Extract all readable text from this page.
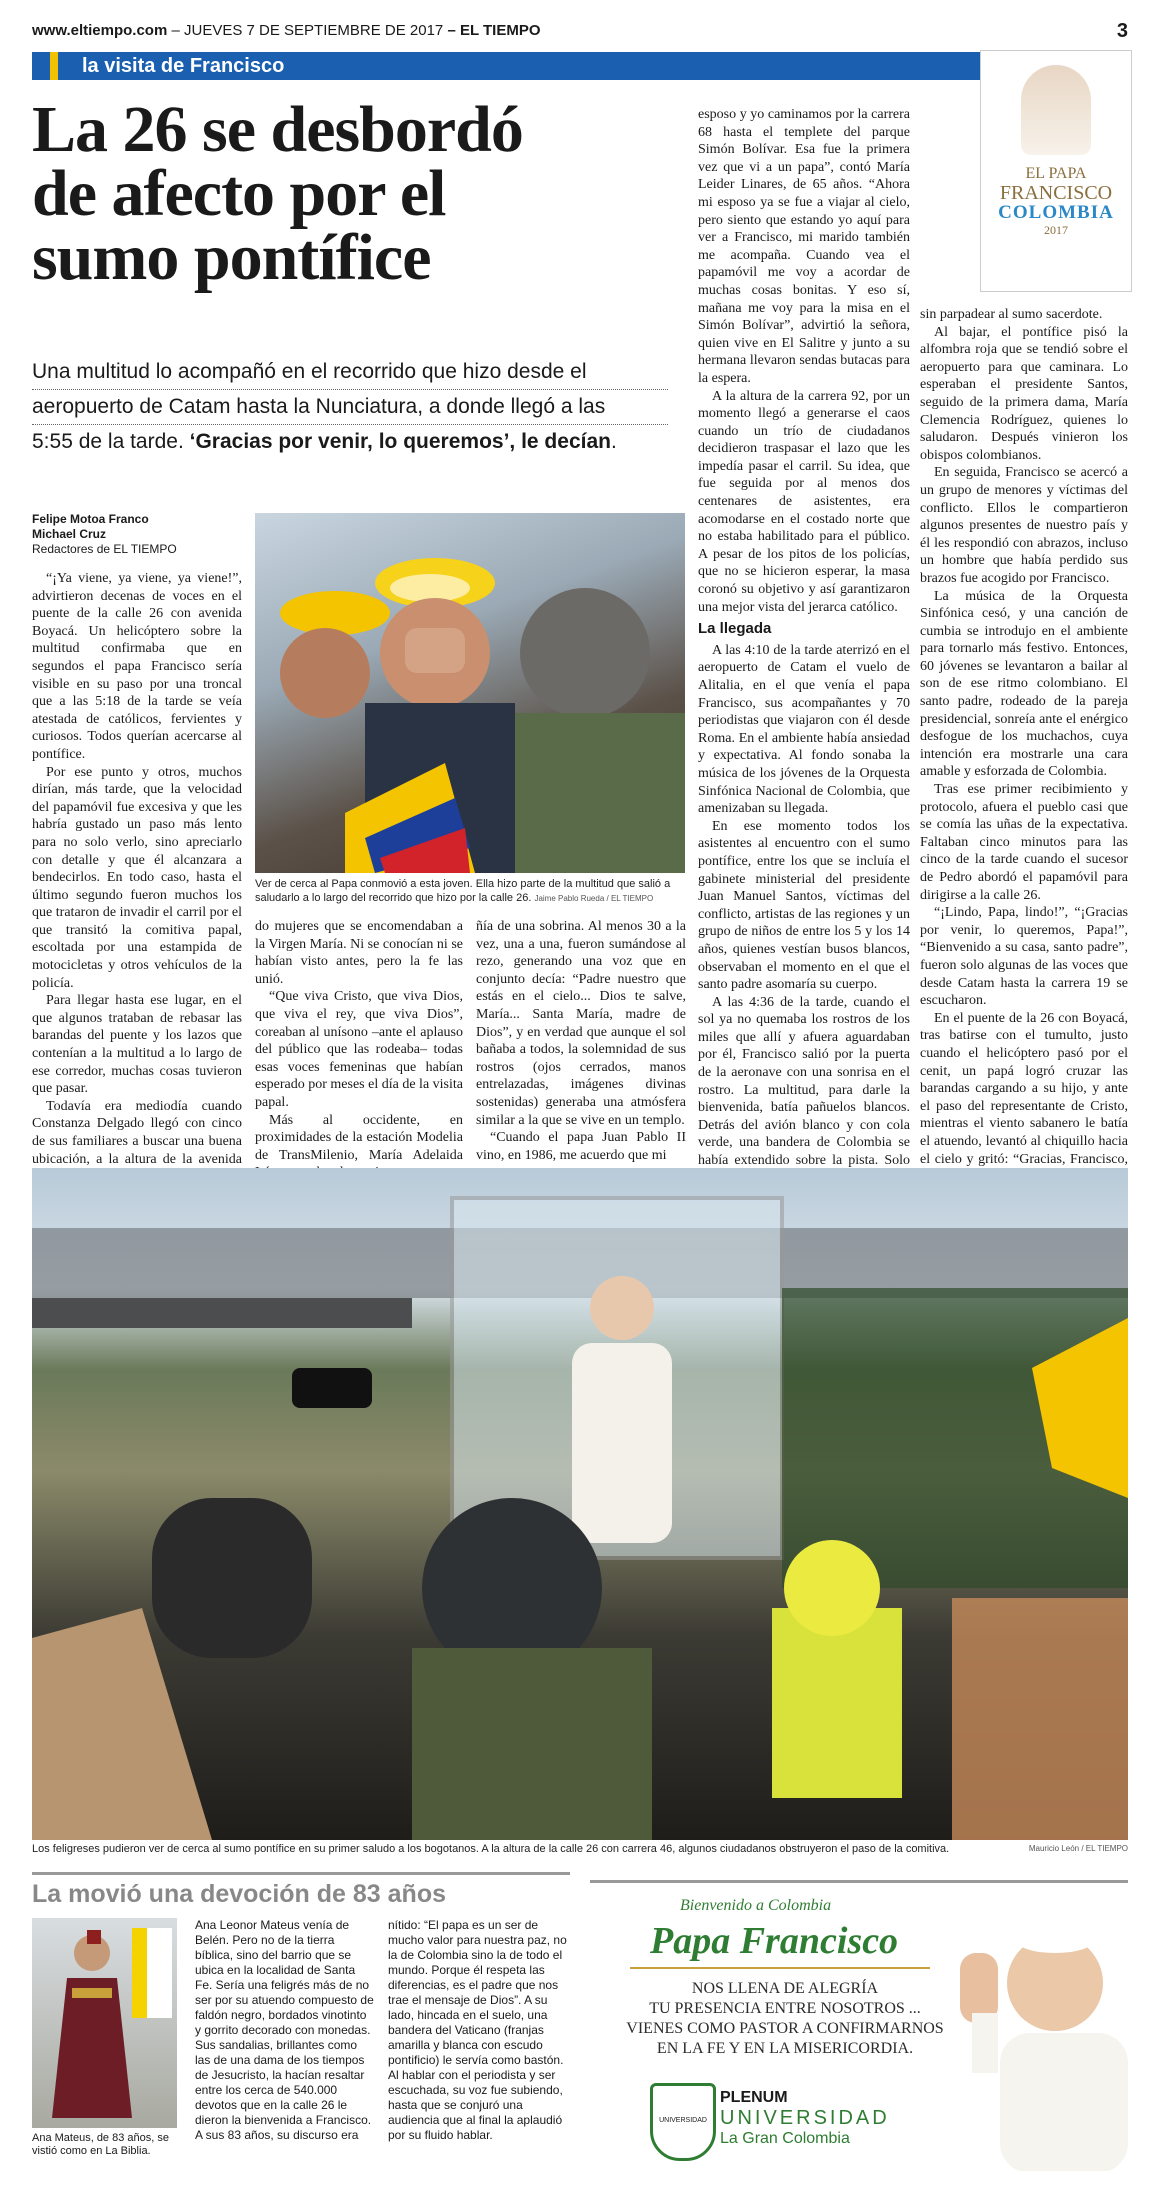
www.eltiempo.com – JUEVES 7 DE SEPTIEMBRE DE 2017 – EL TIEMPO	3
la visita de Francisco
EL PAPA
FRANCISCO
COLOMBIA
2017
La 26 se desbordó
de afecto por el
sumo pontífice
Una multitud lo acompañó en el recorrido que hizo desde el
aeropuerto de Catam hasta la Nunciatura, a donde llegó a las
5:55 de la tarde. ‘Gracias por venir, lo queremos’, le decían.
Felipe Motoa Franco
Michael Cruz
Redactores de EL TIEMPO

“¡Ya viene, ya viene, ya viene!”, advirtieron decenas de voces en el puente de la calle 26 con avenida Boyacá. Un helicóptero sobre la multitud confirmaba que en segundos el papa Francisco sería visible en su paso por una troncal que a las 5:18 de la tarde se veía atestada de católicos, fervientes y curiosos. Todos querían acercarse al pontífice.

Por ese punto y otros, muchos dirían, más tarde, que la velocidad del papamóvil fue excesiva y que les habría gustado un paso más lento para no solo verlo, sino apreciarlo con detalle y que él alcanzara a bendecirlos. En todo caso, hasta el último segundo fueron muchos los que trataron de invadir el carril por el que transitó la comitiva papal, escoltada por una estampida de motocicletas y otros vehículos de la policía.

Para llegar hasta ese lugar, en el que algunos trataban de rebasar las barandas del puente y los lazos que contenían a la multitud a lo largo de ese corredor, muchas cosas tuvieron que pasar.

Todavía era mediodía cuando Constanza Delgado llegó con cinco de sus familiares a buscar una buena ubicación, a la altura de la avenida

Ver de cerca al Papa conmovió a esta joven. Ella hizo parte de la multitud que salió a saludarlo a lo largo del recorrido que hizo por la calle 26. Jaime Pablo Rueda / EL TIEMPO

do mujeres que se encomendaban a la Virgen María. Ni se conocían ni se habían visto antes, pero la fe las unió.

“Que viva Cristo, que viva Dios, que viva el rey, que viva Dios”, coreaban al unísono –ante el aplauso del público que las rodeaba– todas esas voces femeninas que habían esperado por meses el día de la visita papal.

Más al occidente, en proximidades de la estación Modelia de TransMilenio, María Adelaida

ñía de una sobrina. Al menos 30 a la vez, una a una, fueron sumándose al rezo, generando una voz que en conjunto decía: “Padre nuestro que estás en el cielo... Dios te salve, María... Santa María, madre de Dios”, y en verdad que aunque el sol bañaba a todos, la solemnidad de sus rostros (ojos cerrados, manos entrelazadas, imágenes divinas sostenidas) generaba una atmósfera similar a la que se vive en un templo.

“Cuando el papa Juan Pablo II vino, en 1986, me acuerdo que mi

esposo y yo caminamos por la carrera 68 hasta el templete del parque Simón Bolívar. Esa fue la primera vez que vi a un papa”, contó María Leider Linares, de 65 años. “Ahora mi esposo ya se fue a viajar al cielo, pero siento que estando yo aquí para ver a Francisco, mi marido también me acompaña. Cuando vea el papamóvil me voy a acordar de muchas cosas bonitas. Y eso sí, mañana me voy para la misa en el Simón Bolívar”, advirtió la señora, quien vive en El Salitre y junto a su hermana llevaron sendas butacas para la espera.

A la altura de la carrera 92, por un momento llegó a generarse el caos cuando un trío de ciudadanos decidieron traspasar el lazo que les impedía pasar el carril. Su idea, que fue seguida por al menos dos centenares de asistentes, era acomodarse en el costado norte que no estaba habilitado para el público. A pesar de los pitos de los policías, que no se hicieron esperar, la masa coronó su objetivo y así garantizaron una mejor vista del jerarca católico.

La llegada

A las 4:10 de la tarde aterrizó en el aeropuerto de Catam el vuelo de Alitalia, en el que venía el papa Francisco, sus acompañantes y 70 periodistas que viajaron con él desde Roma. En el ambiente había ansiedad y expectativa. Al fondo sonaba la música de los jóvenes de la Orquesta Sinfónica Nacional de Colombia, que amenizaban su llegada.

En ese momento todos los asistentes al encuentro con el sumo pontífice, entre los que se incluía el gabinete ministerial del presidente Juan Manuel Santos, víctimas del conflicto, artistas de las regiones y un grupo de niños de entre los 5 y los 14 años, quienes vestían busos blancos, observaban el momento en el que el santo padre asomaría su cuerpo.

A las 4:36 de la tarde, cuando el sol ya no quemaba los rostros de los miles que allí y afuera aguardaban por él, Francisco salió por la puerta de la aeronave con una sonrisa en el rostro. La multitud, para darle la bienvenida, batía pañuelos blancos. Detrás del avión blanco y con cola verde, una bandera de Colombia se había extendido sobre la pista. Solo

sin parpadear al sumo sacerdote.

Al bajar, el pontífice pisó la alfombra roja que se tendió sobre el aeropuerto para que caminara. Lo esperaban el presidente Santos, seguido de la primera dama, María Clemencia Rodríguez, quienes lo saludaron. Después vinieron los obispos colombianos.

En seguida, Francisco se acercó a un grupo de menores y víctimas del conflicto. Ellos le compartieron algunos presentes de nuestro país y él les respondió con abrazos, incluso un hombre que había perdido sus brazos fue acogido por Francisco.

La música de la Orquesta Sinfónica cesó, y una canción de cumbia se introdujo en el ambiente para tornarlo más festivo. Entonces, 60 jóvenes se levantaron a bailar al son de ese ritmo colombiano. El santo padre, rodeado de la pareja presidencial, sonreía ante el enérgico desfogue de los muchachos, cuya intención era mostrarle una cara amable y esforzada de Colombia.

Tras ese primer recibimiento y protocolo, afuera el pueblo casi que se comía las uñas de la expectativa. Faltaban cinco minutos para las cinco de la tarde cuando el sucesor de Pedro abordó el papamóvil para dirigirse a la calle 26.

“¡Lindo, Papa, lindo!”, “¡Gracias por venir, lo queremos, Papa!”, “Bienvenido a su casa, santo padre”, fueron solo algunas de las voces que desde Catam hasta la carrera 19 se escucharon.

En el puente de la 26 con Boyacá, tras batirse con el tumulto, justo cuando el helicóptero pasó por el cenit, un papá logró cruzar las barandas cargando a su hijo, y ante el paso del representante de Cristo, mientras el viento sabanero le batía el atuendo, levantó al chiquillo hacia el cielo y gritó: “Gracias, Francisco,

Los feligreses pudieron ver de cerca al sumo pontífice en su primer saludo a los bogotanos. A la altura de la calle 26 con carrera 46, algunos ciudadanos obstruyeron el paso de la comitiva.	Mauricio León / EL TIEMPO
La movió una devoción de 83 años
Ana Mateus, de 83 años, se vistió como en La Biblia.
Ana Leonor Mateus venía de Belén. Pero no de la tierra bíblica, sino del barrio que se ubica en la localidad de Santa Fe. Sería una feligrés más de no ser por su atuendo compuesto de faldón negro, bordados vinotinto y gorrito decorado con monedas. Sus sandalias, brillantes como las de una dama de los tiempos de Jesucristo, la hacían resaltar entre los cerca de 540.000 devotos que en la calle 26 le dieron la bienvenida a Francisco. A sus 83 años, su discurso era
nítido: “El papa es un ser de mucho valor para nuestra paz, no la de Colombia sino la de todo el mundo. Porque él respeta las diferencias, es el padre que nos trae el mensaje de Dios”. A su lado, hincada en el suelo, una bandera del Vaticano (franjas amarilla y blanca con escudo pontificio) le servía como bastón. Al hablar con el periodista y ser escuchada, su voz fue subiendo, hasta que se conjuró una audiencia que al final la aplaudió por su fluido hablar.
Bienvenido a Colombia
Papa Francisco
NOS LLENA DE ALEGRÍA
TU PRESENCIA ENTRE NOSOTROS ...
VIENES COMO PASTOR A CONFIRMARNOS
EN LA FE Y EN LA MISERICORDIA.
UNIVERSIDAD
PLENUM
UNIVERSIDAD
La Gran Colombia
